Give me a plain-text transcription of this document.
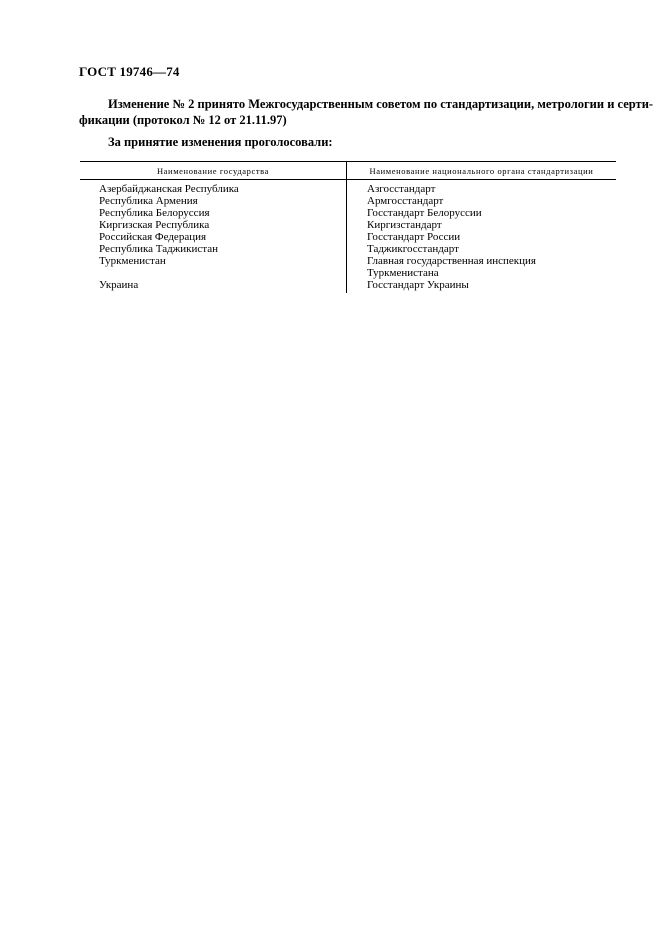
ГОСТ 19746—74
Изменение № 2 принято Межгосударственным советом по стандартизации, метрологии и серти-
фикации (протокол № 12 от 21.11.97)
За принятие изменения проголосовали:
Наименование государства	Наименование национального органа стандартизации
Азербайджанская Республика
Республика Армения
Республика Белоруссия
Киргизская Республика
Российская Федерация
Республика Таджикистан
Туркменистан
Украина
Азгосстандарт
Армгосстандарт
Госстандарт Белоруссии
Киргизстандарт
Госстандарт России
Таджикгосстандарт
Главная государственная инспекция
Туркменистана
Госстандарт Украины
